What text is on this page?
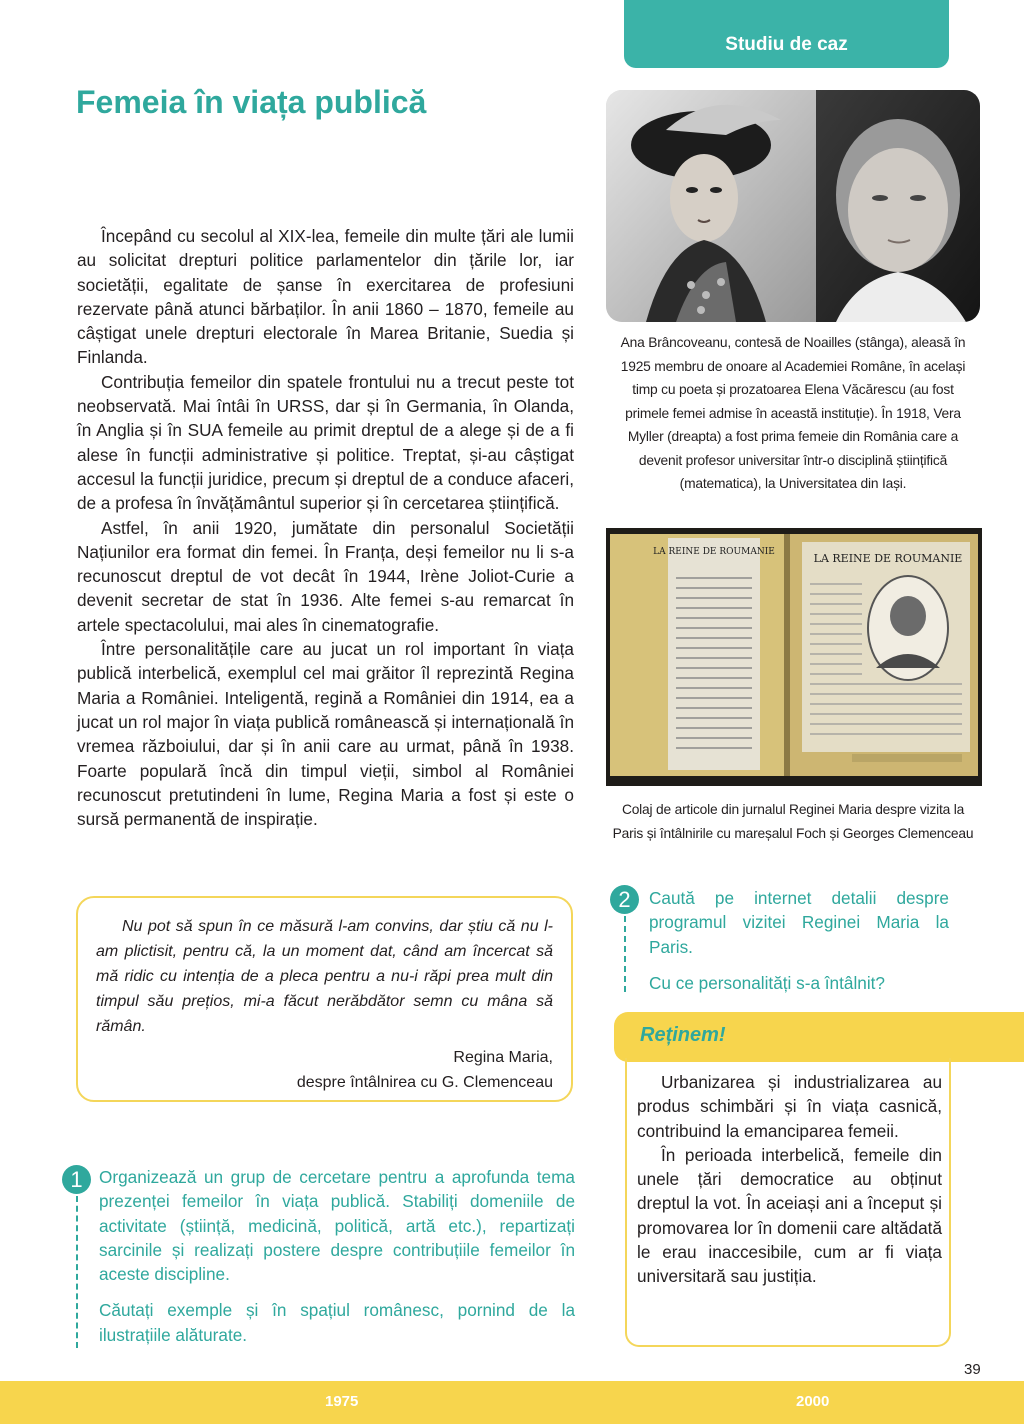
Studiu de caz
Femeia în viața publică

Începând cu secolul al XIX-lea, femeile din multe țări ale lumii au solicitat drepturi politice parlamentelor din țările lor, iar societății, egalitate de șanse în exercitarea de profesiuni rezervate până atunci bărbaților. În anii 1860 – 1870, femeile au câștigat unele drepturi electorale în Marea Britanie, Suedia și Finlanda.

Contribuția femeilor din spatele frontului nu a trecut peste tot neobservată. Mai întâi în URSS, dar și în Germania, în Olanda, în Anglia și în SUA femeile au primit dreptul de a alege și de a fi alese în funcții administrative și politice. Treptat, și-au câștigat accesul la funcții juridice, precum și dreptul de a conduce afaceri, de a profesa în învățământul superior și în cercetarea științifică.

Astfel, în anii 1920, jumătate din personalul Societății Națiunilor era format din femei. În Franța, deși femeilor nu li s-a recunoscut dreptul de vot decât în 1944, Irène Joliot-Curie a devenit secretar de stat în 1936. Alte femei s-au remarcat în artele spectacolului, mai ales în cinematografie.

Între personalitățile care au jucat un rol important în viața publică interbelică, exemplul cel mai grăitor îl reprezintă Regina Maria a României. Inteligentă, regină a României din 1914, ea a jucat un rol major în viața publică românească și internațională în vremea războiului, dar și în anii care au urmat, până în 1938. Foarte populară încă din timpul vieții, simbol al României recunoscut pretutindeni în lume, Regina Maria a fost și este o sursă permanentă de inspirație.

Nu pot să spun în ce măsură l-am convins, dar știu că nu l-am plictisit, pentru că, la un moment dat, când am încercat să mă ridic cu intenția de a pleca pentru a nu-i răpi prea mult din timpul său prețios, mi-a făcut nerăbdător semn cu mâna să rămân.

Regina Maria,
despre întâlnirea cu G. Clemenceau

1 Organizează un grup de cercetare pentru a aprofunda tema prezenței femeilor în viața publică. Stabiliți domeniile de activitate (știință, medicină, politică, artă etc.), repartizați sarcinile și realizați postere despre contribuțiile femeilor în aceste discipline.

Căutați exemple și în spațiul românesc, pornind de la ilustrațiile alăturate.

Ana Brâncoveanu, contesă de Noailles (stânga), aleasă în 1925 membru de onoare al Academiei Române, în același timp cu poeta și prozatoarea Elena Văcărescu (au fost primele femei admise în această instituție). În 1918, Vera Myller (dreapta) a fost prima femeie din România care a devenit profesor universitar într-o disciplină științifică (matematica), la Universitatea din Iași.
LA REINE DE ROUMANIE	LA REINE DE ROUMANIE
Colaj de articole din jurnalul Reginei Maria despre vizita la Paris și întâlnirile cu mareșalul Foch și Georges Clemenceau
2	Caută pe internet detalii despre programul vizitei Reginei Maria la Paris.

Cu ce personalități s-a întâlnit?

Reținem!

Urbanizarea și industrializarea au produs schimbări și în viața casnică, contribuind la emanciparea femeii.

În perioada interbelică, femeile din unele țări democratice au obținut dreptul la vot. În aceiași ani a început și promovarea lor în domenii care altădată le erau inaccesibile, cum ar fi viața universitară sau justiția.

39
1975	2000
